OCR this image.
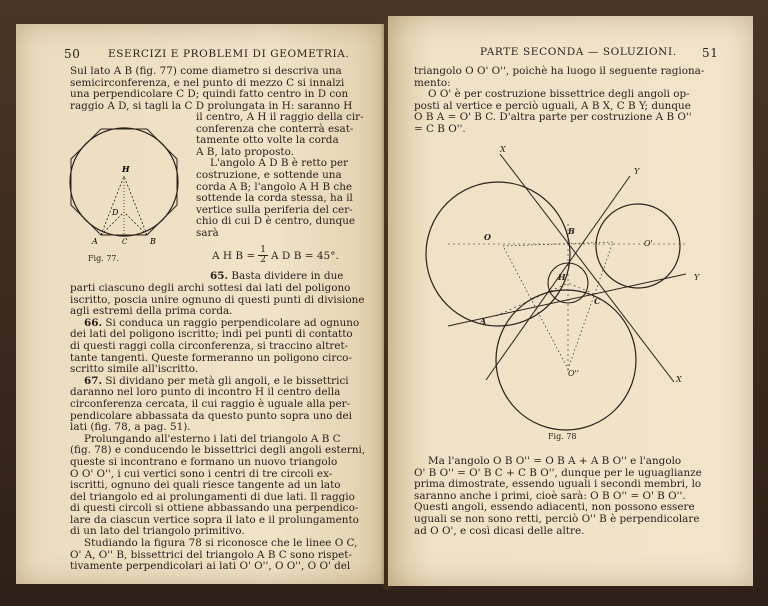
50	ESERCIZI E PROBLEMI DI GEOMETRIA.

Sul lato A B (fig. 77) come diametro si descriva una

semicirconferenza, e nel punto di mezzo C si innalzi

una perpendicolare C D; quindi fatto centro in D con

raggio A D, si tagli la C D prolungata in H: saranno H

H
D
A	B
C
Fig. 77.

il centro, A H il raggio della cir-

conferenza che conterrà esat-

tamente otto volte la corda

A B, lato proposto.

L'angolo A D B è retto per

costruzione, e sottende una

corda A B; l'angolo A H B che

sottende la corda stessa, ha il

vertice sulla periferia del cer-

chio di cui D è centro, dunque

sarà

A H $B = \frac{1}{2}$ A D B = 45°.

65. Basta dividere in due

parti ciascuno degli archi sottesi dai lati del poligono

iscritto, poscia unire ognuno di questi punti di divisione

agli estremi della prima corda.

66. Si conduca un raggio perpendicolare ad ognuno

dei lati del poligono iscritto; indi pei punti di contatto

di questi raggi colla circonferenza, si traccino altret-

tante tangenti. Queste formeranno un poligono circo-

scritto simile all'iscritto.

67. Si dividano per metà gli angoli, e le bissettrici

daranno nel loro punto di incontro H il centro della

circonferenza cercata, il cui raggio è uguale alla per-

pendicolare abbassata da questo punto sopra uno dei

lati (fig. 78, a pag. 51).

Prolungando all'esterno i lati del triangolo A B C

(fig. 78) e conducendo le bissettrici degli angoli esterni,

queste si incontrano e formano un nuovo triangolo

O O' O'', i cui vertici sono i centri di tre circoli ex-

iscritti, ognuno dei quali riesce tangente ad un lato

del triangolo ed ai prolungamenti di due lati. Il raggio

di questi circoli si ottiene abbassando una perpendico-

lare da ciascun vertice sopra il lato e il prolungamento

di un lato del triangolo primitivo.

Studiando la figura 78 si riconosce che le linee O C,

O' A, O'' B, bissettrici del triangolo A B C sono rispet-

tivamente perpendicolari ai lati O' O'', O O'', O O' del

PARTE SECONDA — SOLUZIONI. 51

triangolo O O' O'', poichè ha luogo il seguente ragiona-

mento:

O O' è per costruzione bissettrice degli angoli op-

posti al vertice e perciò uguali, A B X, C B Y; dunque

O B A = O' B C. D'altra parte per costruzione A B O''

= C B O''.

X
Y
Y
X
O
O'
O''
B
H
A
C
Fig. 78

Ma l'angolo O B O'' = O B A + A B O'' e l'angolo

O' B O'' = O' B C + C B O'', dunque per le uguaglianze

prima dimostrate, essendo uguali i secondi membri, lo

saranno anche i primi, cioè sarà: O B O'' = O' B O''.

Questi angoli, essendo adiacenti, non possono essere

uguali se non sono retti, perciò O'' B è perpendicolare

ad O O', e così dicasi delle altre.
